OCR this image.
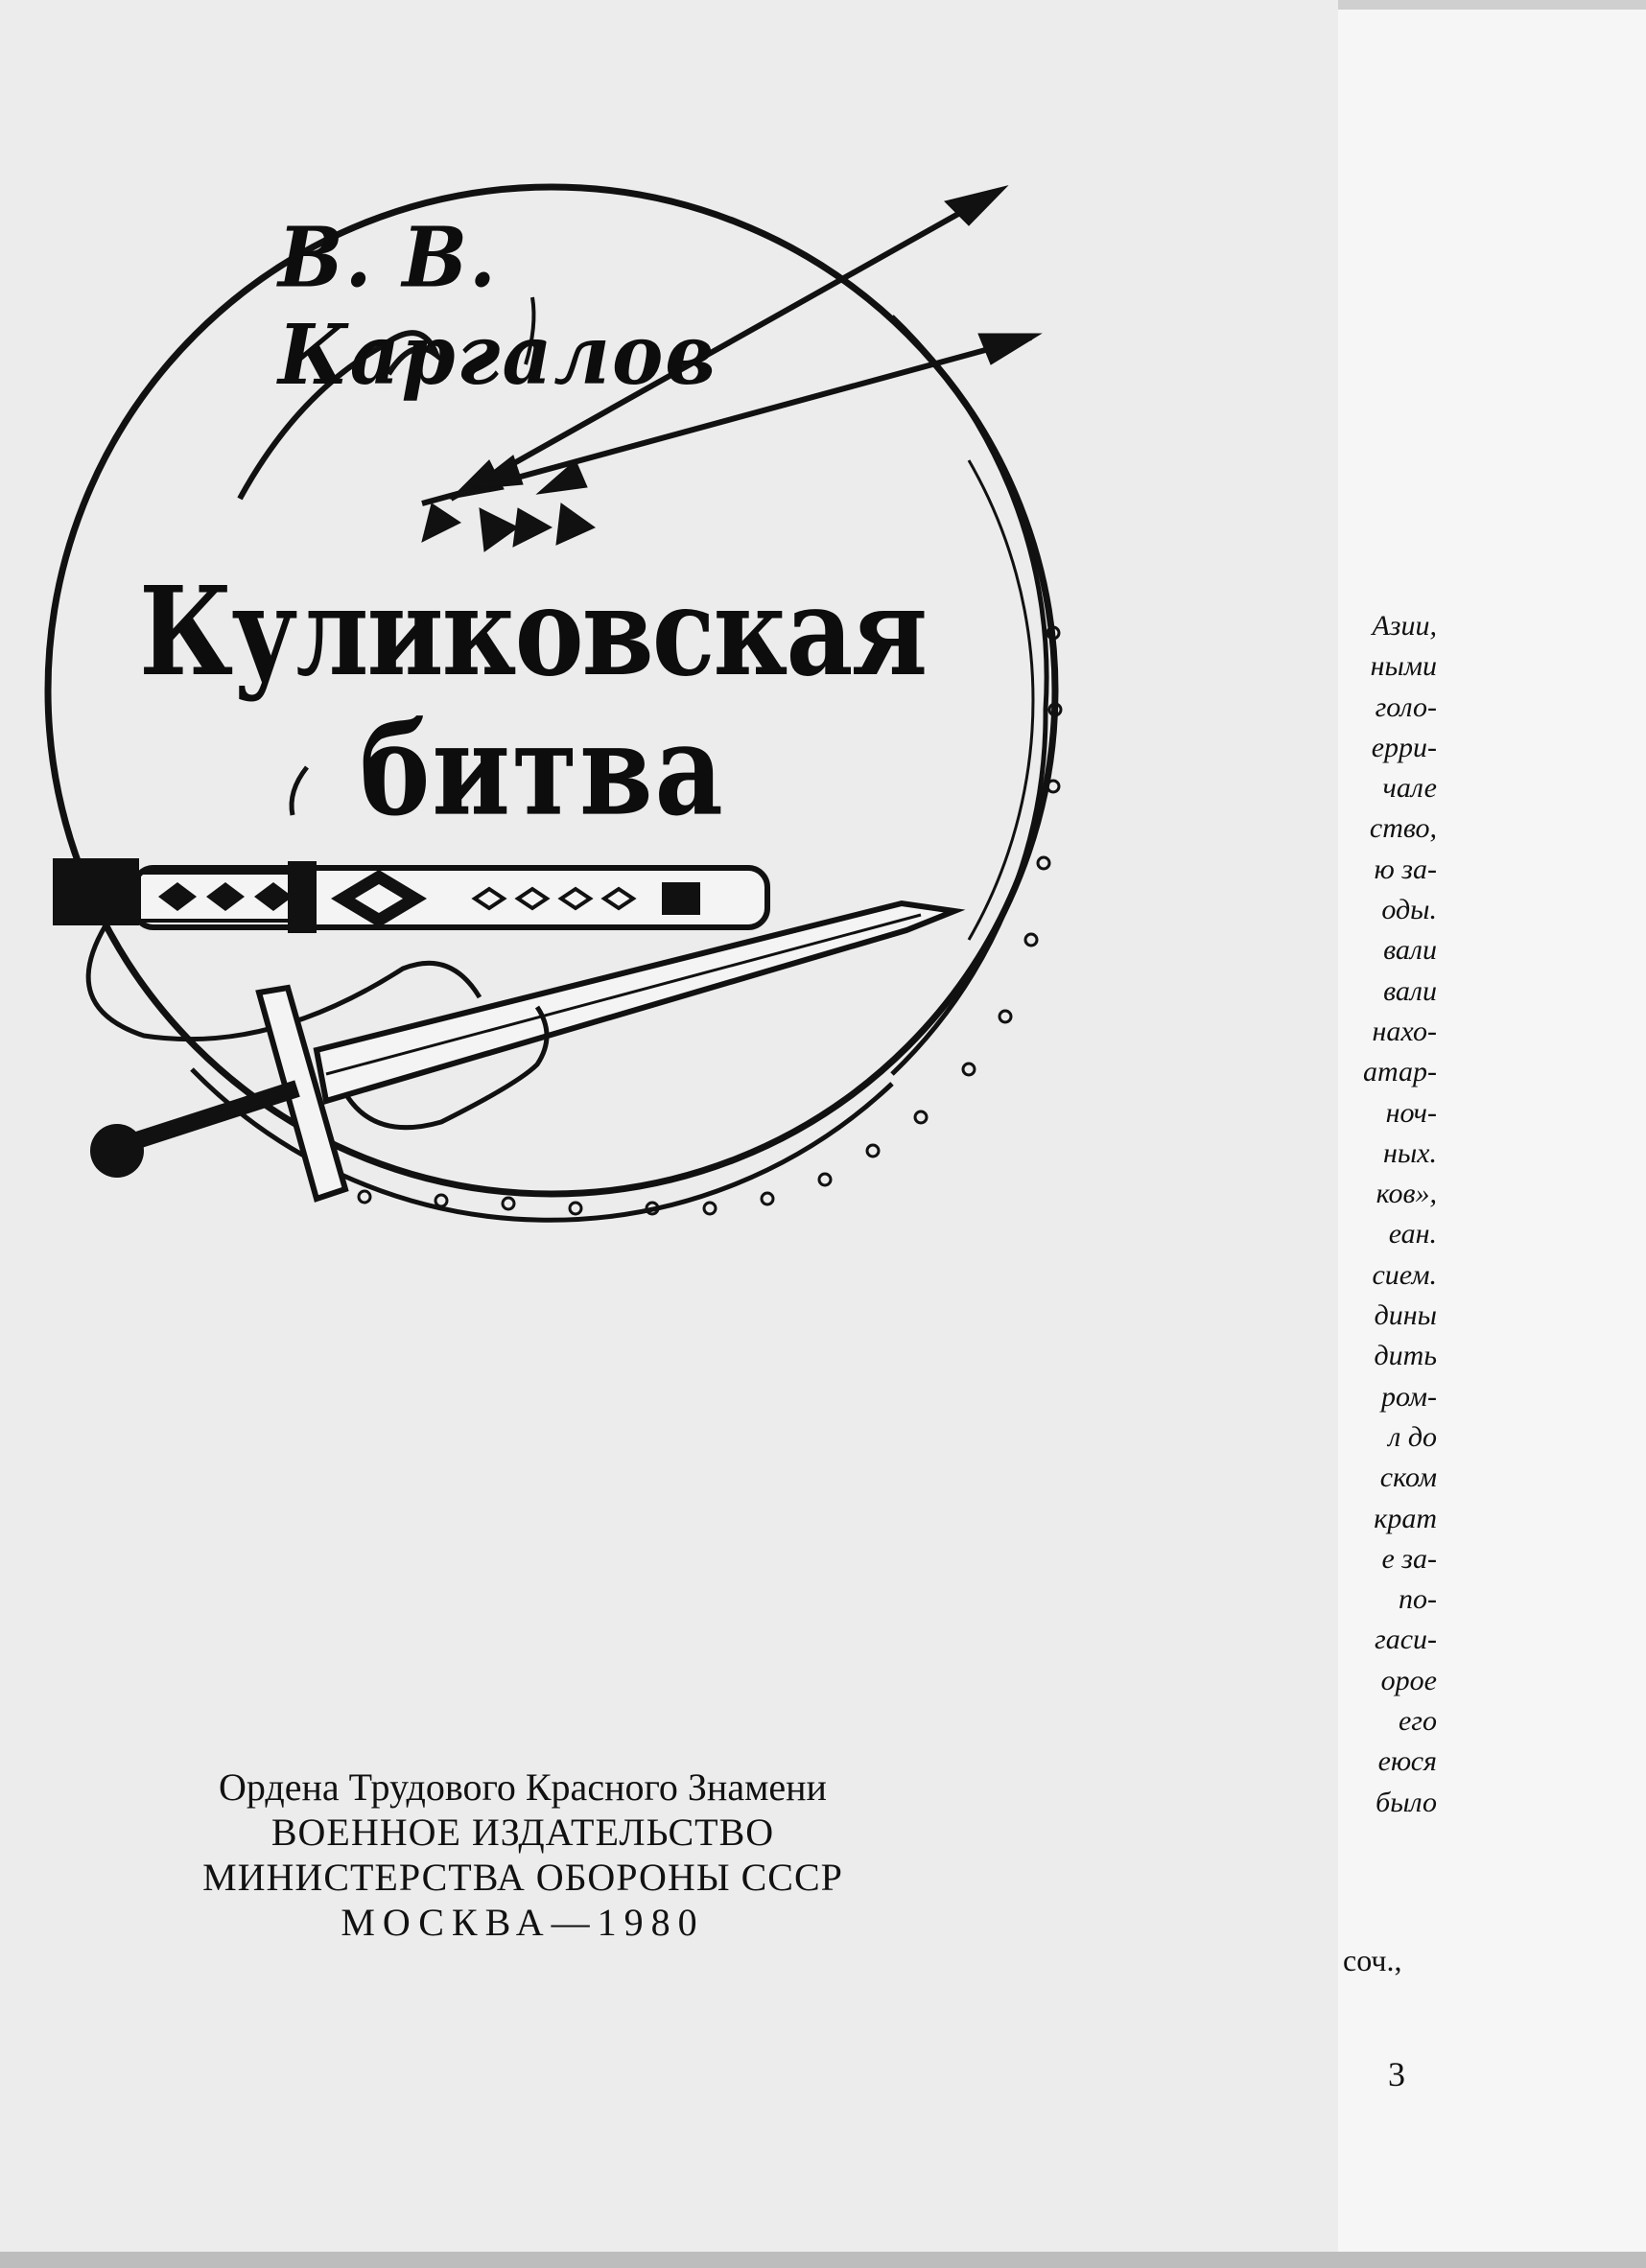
В. В. Каргалов
Куликовская
битва
Ордена Трудового Красного Знамени
ВОЕННОЕ ИЗДАТЕЛЬСТВО
МИНИСТЕРСТВА ОБОРОНЫ СССР
МОСКВА—1980
Азии,
ными
голо-
ерри-
чале
ство,
ю за-
оды.
вали
вали
нахо-
атар-
ноч-
ных.
ков»,
еан.
сием.
дины
дить
ром-
л до
ском
крат
е за-
по-
гаси-
орое
его
еюся
было
соч.,
3
